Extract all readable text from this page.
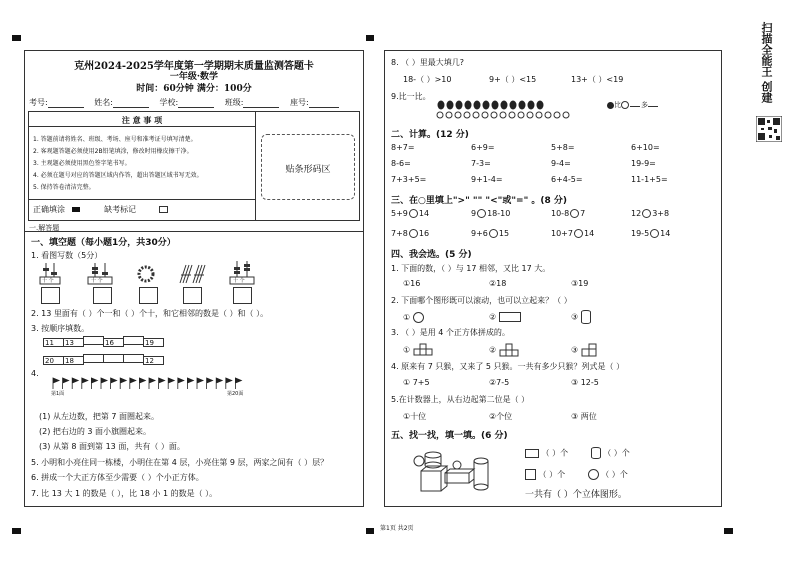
克州2024-2025学年度第一学期期末质量监测答题卡
一年级·数学
时间：60分钟 满分：100分
考号:	姓名:	学校:	班级:	座号:
注 意 事 项
1. 答题前请将姓名、班级、考场、座号和准考证号填写清楚。
2. 客观题答题必须使用2B铅笔填涂，修改时用橡皮擦干净。
3. 主观题必须使用黑色签字笔书写。
4. 必须在题号对应的答题区域内作答，超出答题区域书写无效。
5. 保持答卷清洁完整。
正确填涂	缺考标记
贴条形码区
一.解答题
一、填空题（每小题1分，共30分）
1. 看图写数（5分）
十 个	十 个	十 个
2. 13 里面有（ ）个一和（ ）个十，和它相邻的数是（ ）和（ ）。
3. 按顺序填数。
11 13	16	19
20 18	12
4.
第1面	第20面
(1) 从左边数，把第 7 面圈起来。
(2) 把右边的 3 面小旗圈起来。
(3) 从第 8 面到第 13 面，共有（ ）面。
5. 小明和小亮住同一栋楼，小明住在第 4 层，小亮住第 9 层，两家之间有（ ）层？
6. 拼成一个大正方体至少需要（ ）个小正方体。
7. 比 13 大 1 的数是（ ），比 18 小 1 的数是（ ）。
8. （ ）里最大填几?
18-（ ）>10	9+（ ）<15	13+（ ）<19
9.比一比。
比	多
二、计算。(12 分)
8+7=	6+9=	5+8=	6+10=
8-6=	7-3=	9-4=	19-9=
7+3+5=	9+1-4=	6+4-5=	11-1+5=
三、在○里填上">" "" "<"或"=" 。(8 分)
5+9 14	9 18-10	10-8 7	12 3+8
7+8 16	9+6 15	10+7 14	19-5 14
四、我会选。(5 分)
1. 下面的数，（ ）与 17 相邻，又比 17 大。
①16	②18	③19
2. 下面哪个图形既可以滚动，也可以立起来？（ ）
①	②	③
3. （ ）是用 4 个正方体拼成的。
①	②	③
4. 原来有 7 只猴，又来了 5 只猴。一共有多少只猴？列式是（ ）
① 7+5	②7-5	③ 12-5
5.在计数器上，从右边起第二位是（ ）
①十位	②个位	③ 两位
五、找一找，填一填。(6 分)
（ ）个	（ ）个
（ ）个	（ ）个
一共有（ ）个立体图形。
第1页 共2页
扫描全能王 创建
